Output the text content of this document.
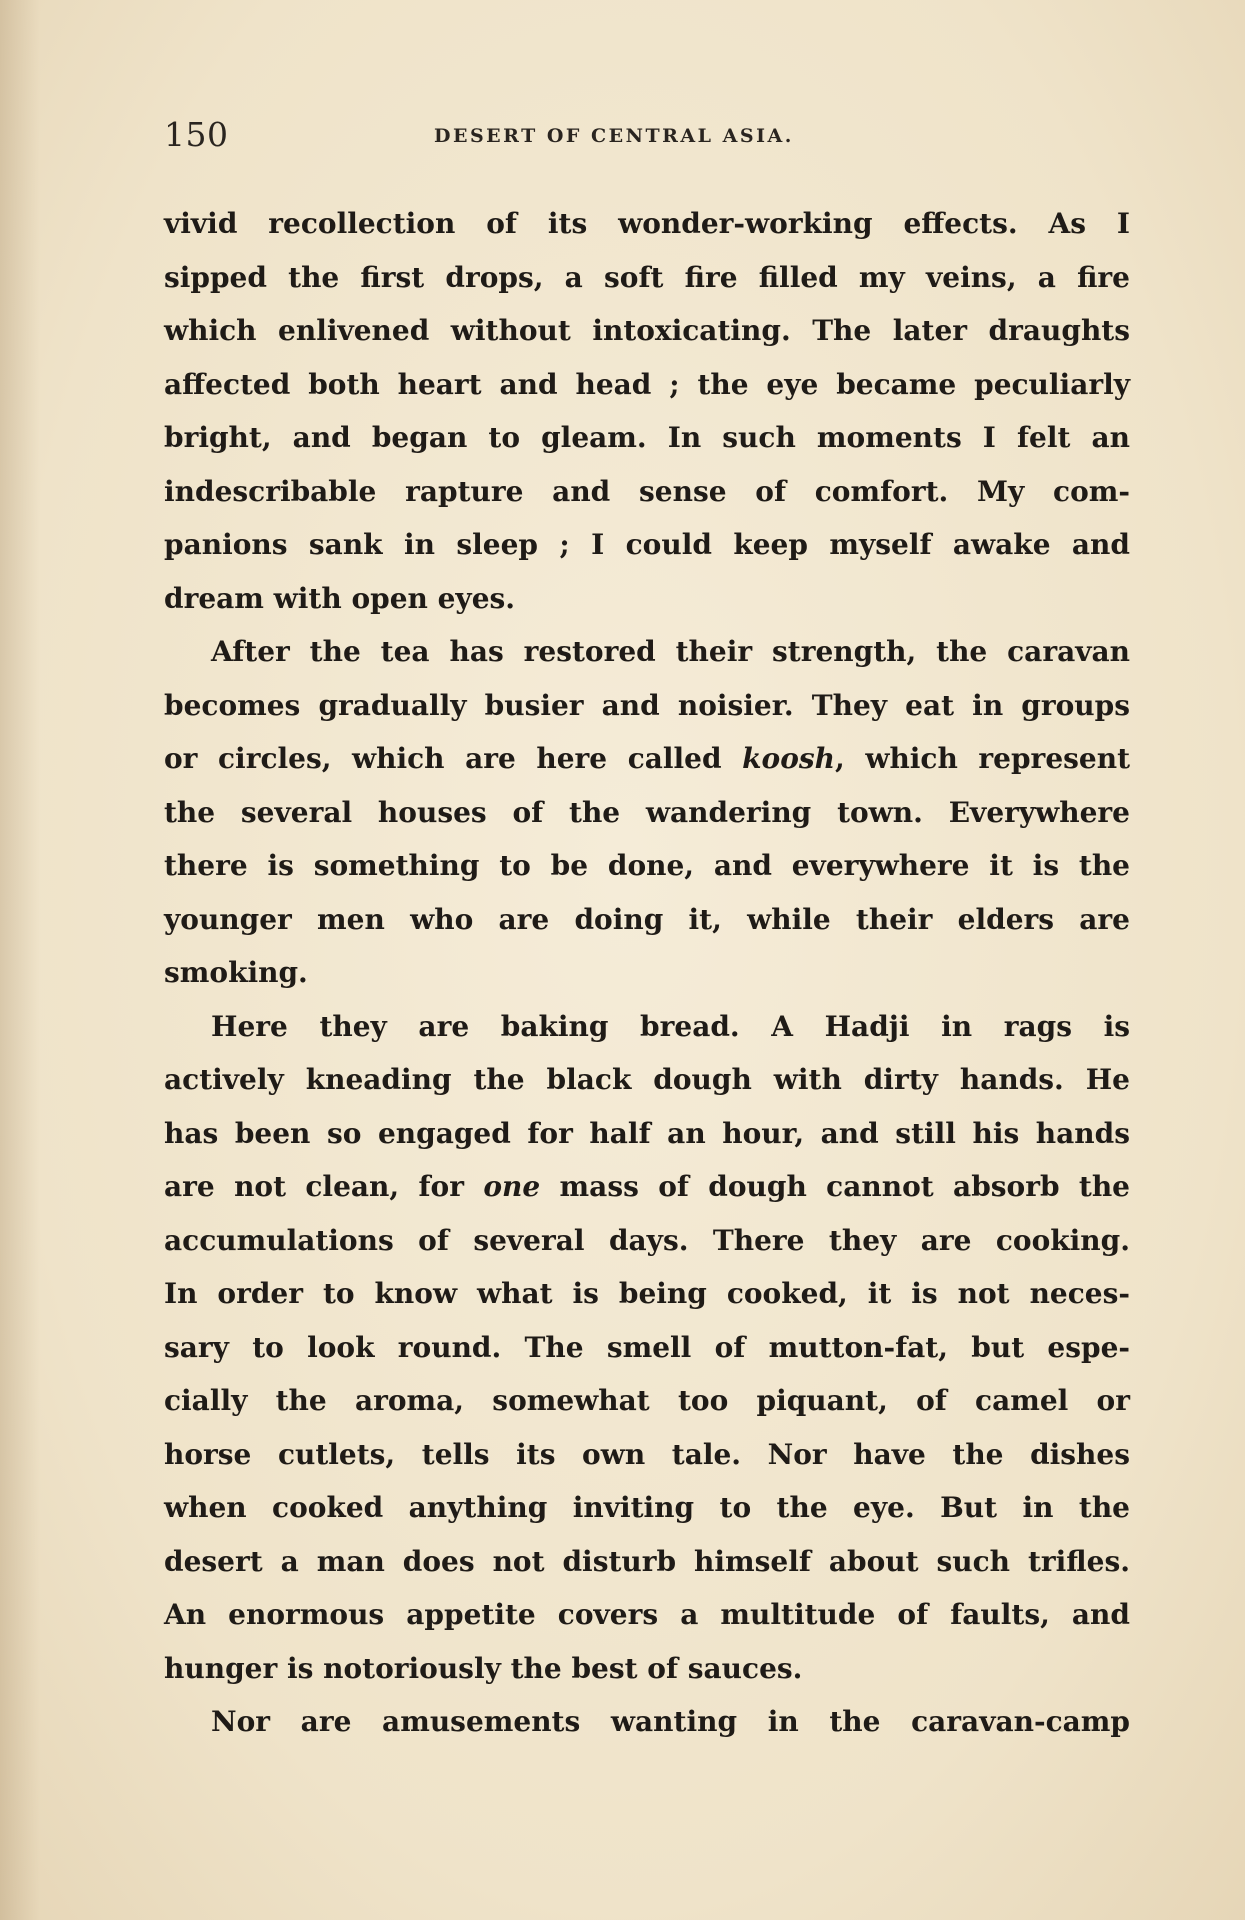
150	DESERT OF CENTRAL ASIA.
vivid recollection of its wonder-working effects. As I
sipped the first drops, a soft fire filled my veins, a fire
which enlivened without intoxicating. The later draughts
affected both heart and head ; the eye became peculiarly
bright, and began to gleam. In such moments I felt an
indescribable rapture and sense of comfort. My com-
panions sank in sleep ; I could keep myself awake and
dream with open eyes.
After the tea has restored their strength, the caravan
becomes gradually busier and noisier. They eat in groups
or circles, which are here called koosh, which represent
the several houses of the wandering town. Everywhere
there is something to be done, and everywhere it is the
younger men who are doing it, while their elders are
smoking.
Here they are baking bread. A Hadji in rags is
actively kneading the black dough with dirty hands. He
has been so engaged for half an hour, and still his hands
are not clean, for one mass of dough cannot absorb the
accumulations of several days. There they are cooking.
In order to know what is being cooked, it is not neces-
sary to look round. The smell of mutton-fat, but espe-
cially the aroma, somewhat too piquant, of camel or
horse cutlets, tells its own tale. Nor have the dishes
when cooked anything inviting to the eye. But in the
desert a man does not disturb himself about such trifles.
An enormous appetite covers a multitude of faults, and
hunger is notoriously the best of sauces.
Nor are amusements wanting in the caravan-camp
